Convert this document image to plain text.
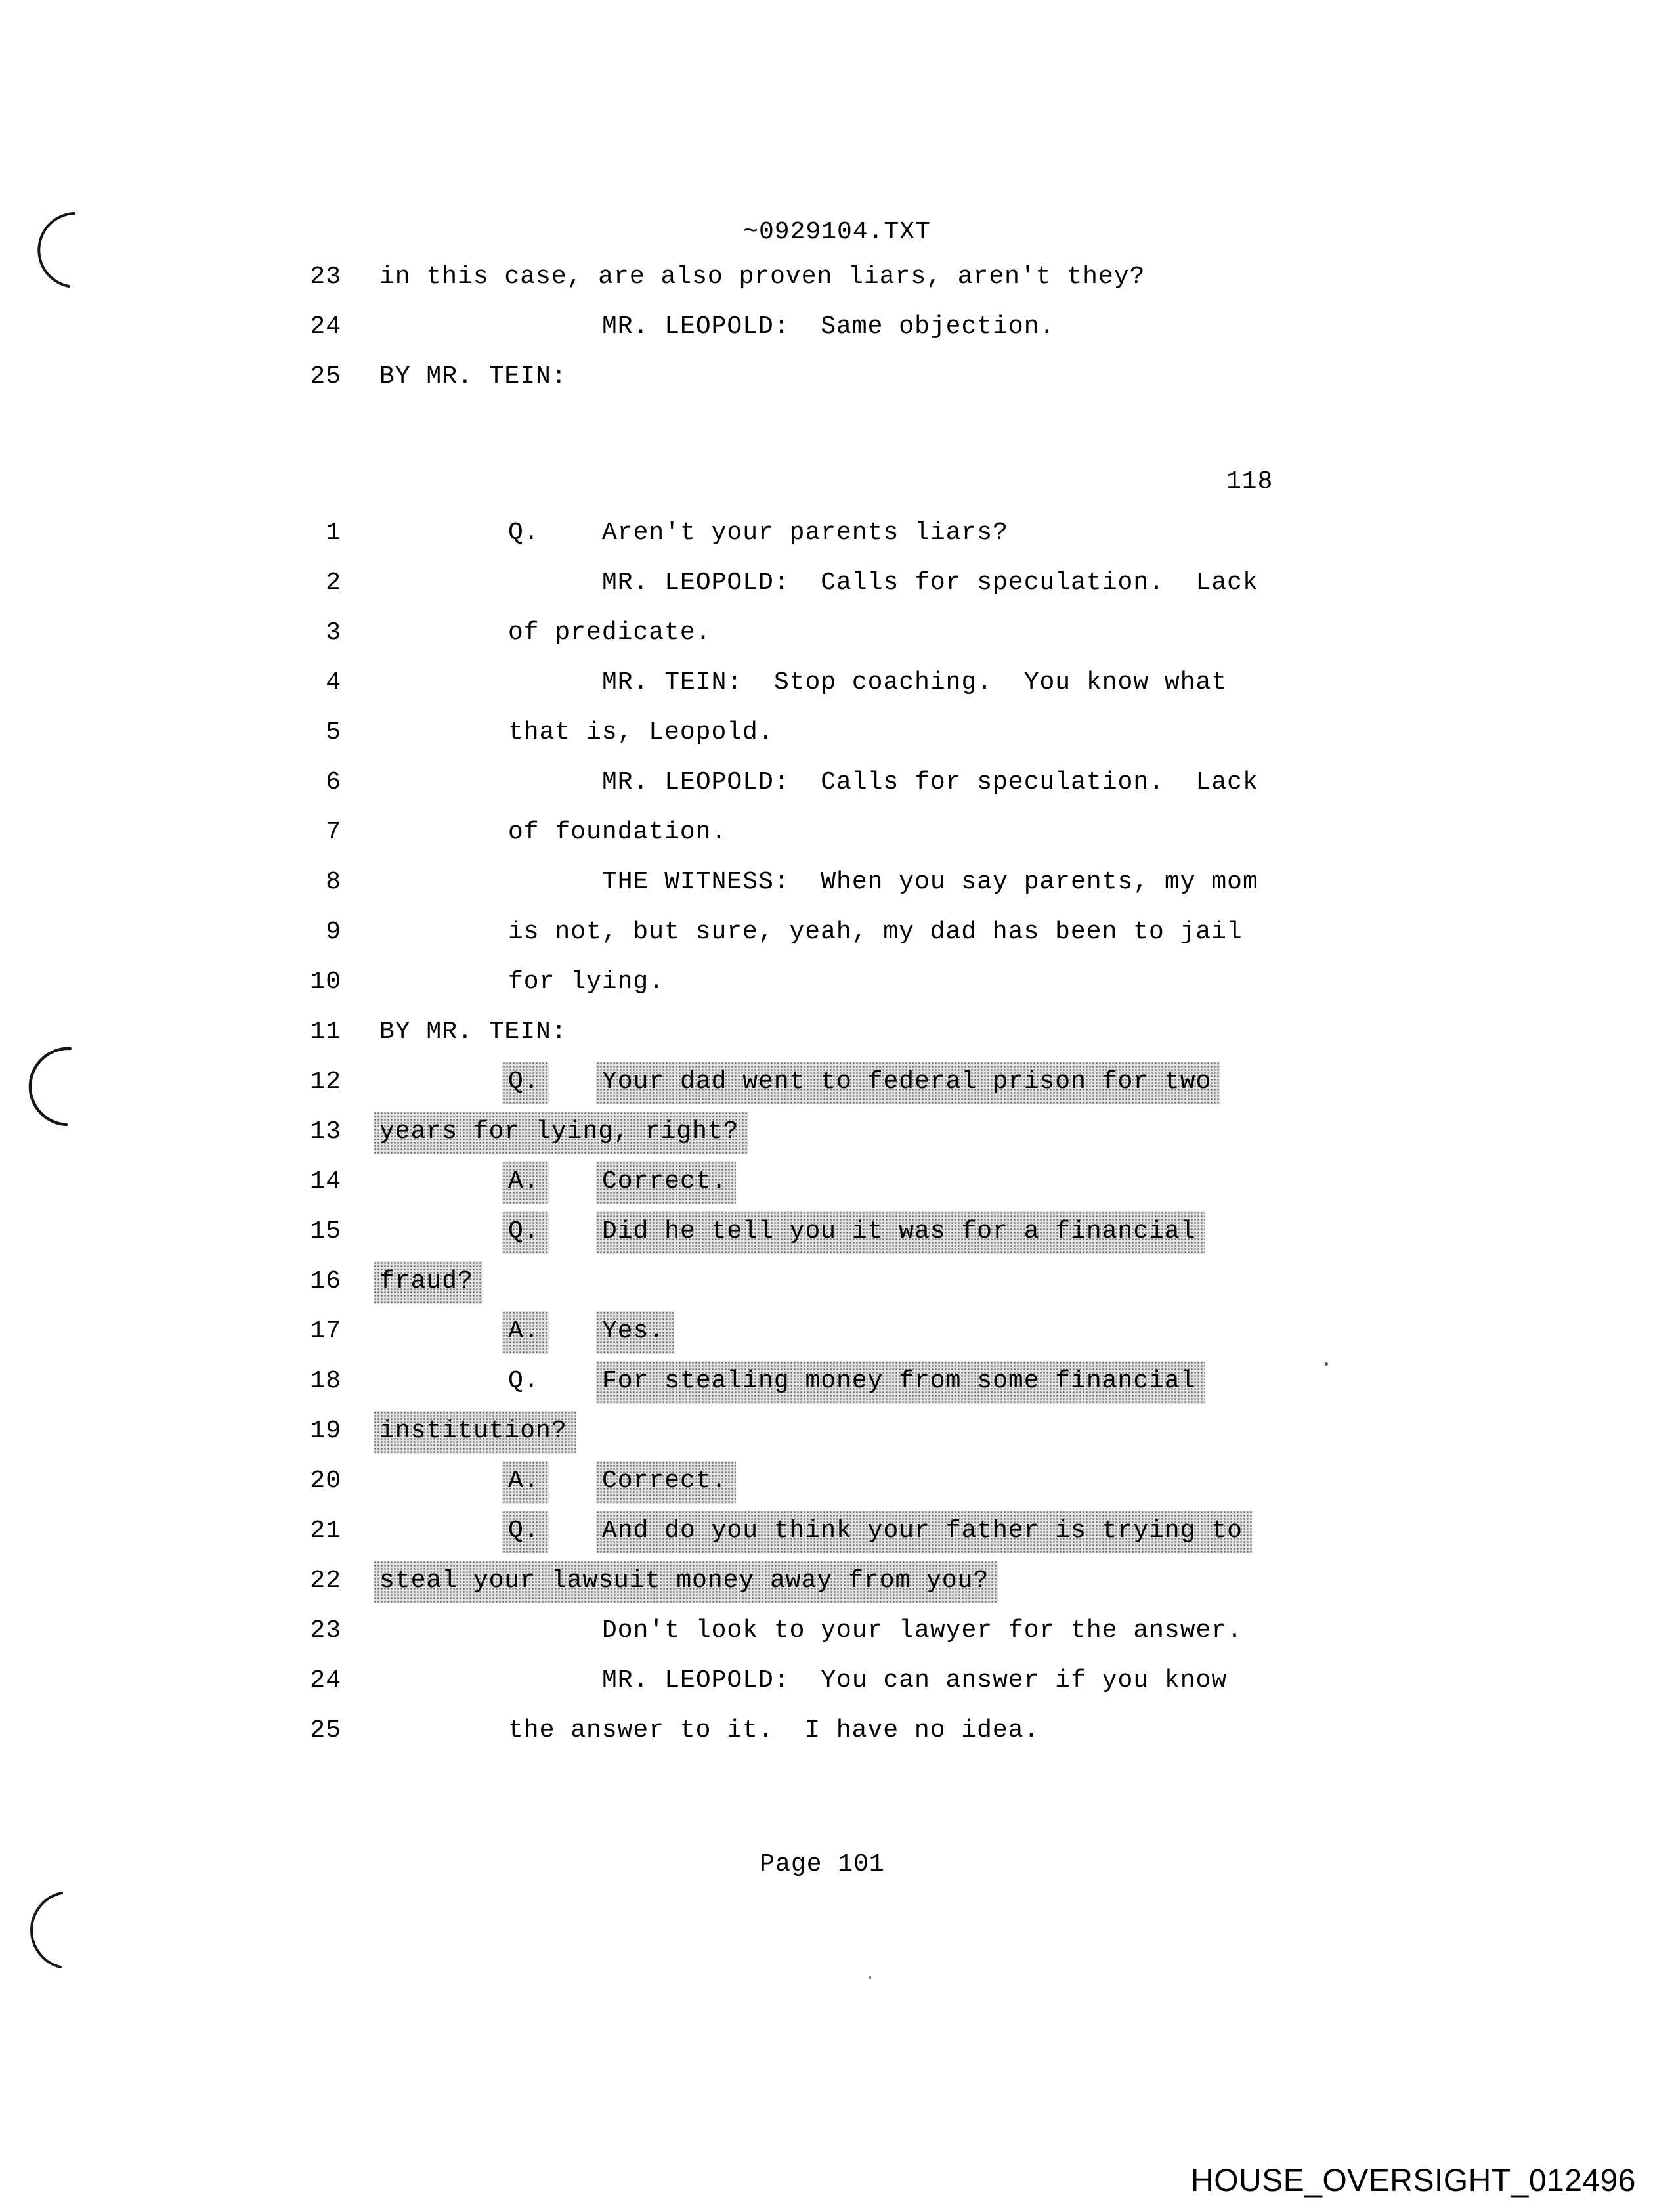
~0929104.TXT
118
23 in this case, are also proven liars, aren't they?
24	MR. LEOPOLD:  Same objection.
25 BY MR. TEIN:
1	Q.	Aren't your parents liars?
2	MR. LEOPOLD:  Calls for speculation.  Lack
3	of predicate.
4	MR. TEIN:  Stop coaching.  You know what
5	that is, Leopold.
6	MR. LEOPOLD:  Calls for speculation.  Lack
7	of foundation.
8	THE WITNESS:  When you say parents, my mom
9	is not, but sure, yeah, my dad has been to jail
10	for lying.
11 BY MR. TEIN:
12	Q.	Your dad went to federal prison for two
13 years for lying, right?
14	A.	Correct.
15	Q.	Did he tell you it was for a financial
16 fraud?
17	A.	Yes.
18	Q.	For stealing money from some financial
19 institution?
20	A.	Correct.
21	Q.	And do you think your father is trying to
22 steal your lawsuit money away from you?
23	Don't look to your lawyer for the answer.
24	MR. LEOPOLD:  You can answer if you know
25	the answer to it.  I have no idea.
Page 101
HOUSE_OVERSIGHT_012496
